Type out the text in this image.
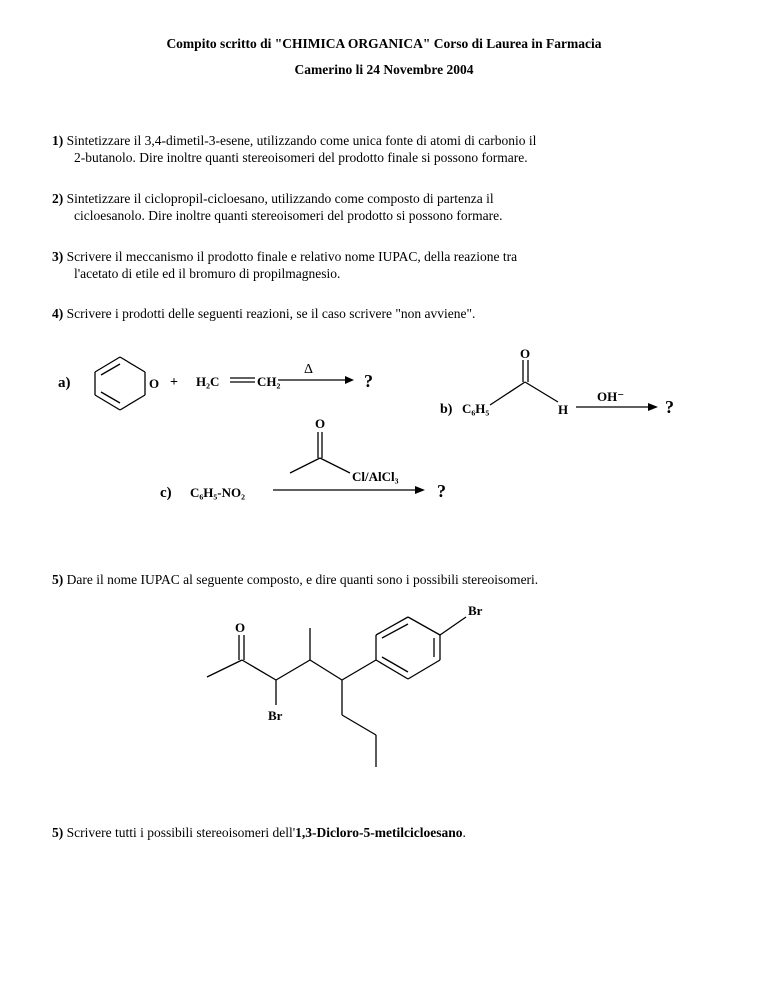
Compito scritto di "CHIMICA ORGANICA" Corso di Laurea in Farmacia
Camerino li 24 Novembre 2004
1) Sintetizzare il 3,4-dimetil-3-esene, utilizzando come unica fonte di atomi di carbonio il
2-butanolo. Dire inoltre quanti stereoisomeri del prodotto finale si possono formare.
2) Sintetizzare il ciclopropil-cicloesano, utilizzando come composto di partenza il
cicloesanolo. Dire inoltre quanti stereoisomeri del prodotto si possono formare.
3) Scrivere il meccanismo il prodotto finale e relativo nome IUPAC, della reazione tra
l'acetato di etile ed il bromuro di propilmagnesio.
4) Scrivere i prodotti delle seguenti reazioni, se il caso scrivere "non avviene".
a)	O + H₂C	CH₂
Δ
?
b) C₆H₅
O
H
OH⁻
?
O
Cl/AlCl₃
c) C₆H₅-NO₂	?
5) Dare il nome IUPAC al seguente composto, e dire quanti sono i possibili stereoisomeri.
O
Br
Br
5) Scrivere tutti i possibili stereoisomeri dell'1,3-Dicloro-5-metilcicloesano.
